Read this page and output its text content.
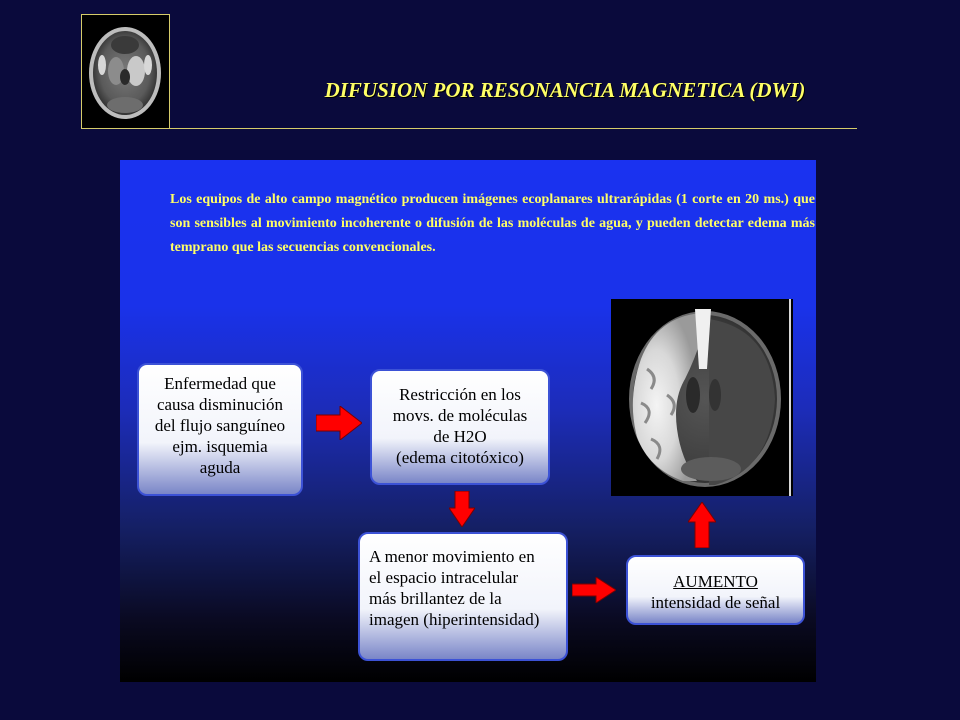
DIFUSION POR RESONANCIA MAGNETICA (DWI)

Los equipos de alto campo magnético producen imágenes ecoplanares ultrarápidas (1 corte en 20 ms.) que son sensibles al movimiento incoherente o difusión de las moléculas de agua, y pueden detectar edema más temprano que las secuencias convencionales.

Enfermedad que
causa disminución
del flujo sanguíneo
ejm. isquemia
aguda
Restricción en los
movs. de moléculas
de H2O
(edema citotóxico)
A menor movimiento en
el espacio intracelular
más brillantez de la
imagen (hiperintensidad)
AUMENTO
intensidad de señal
